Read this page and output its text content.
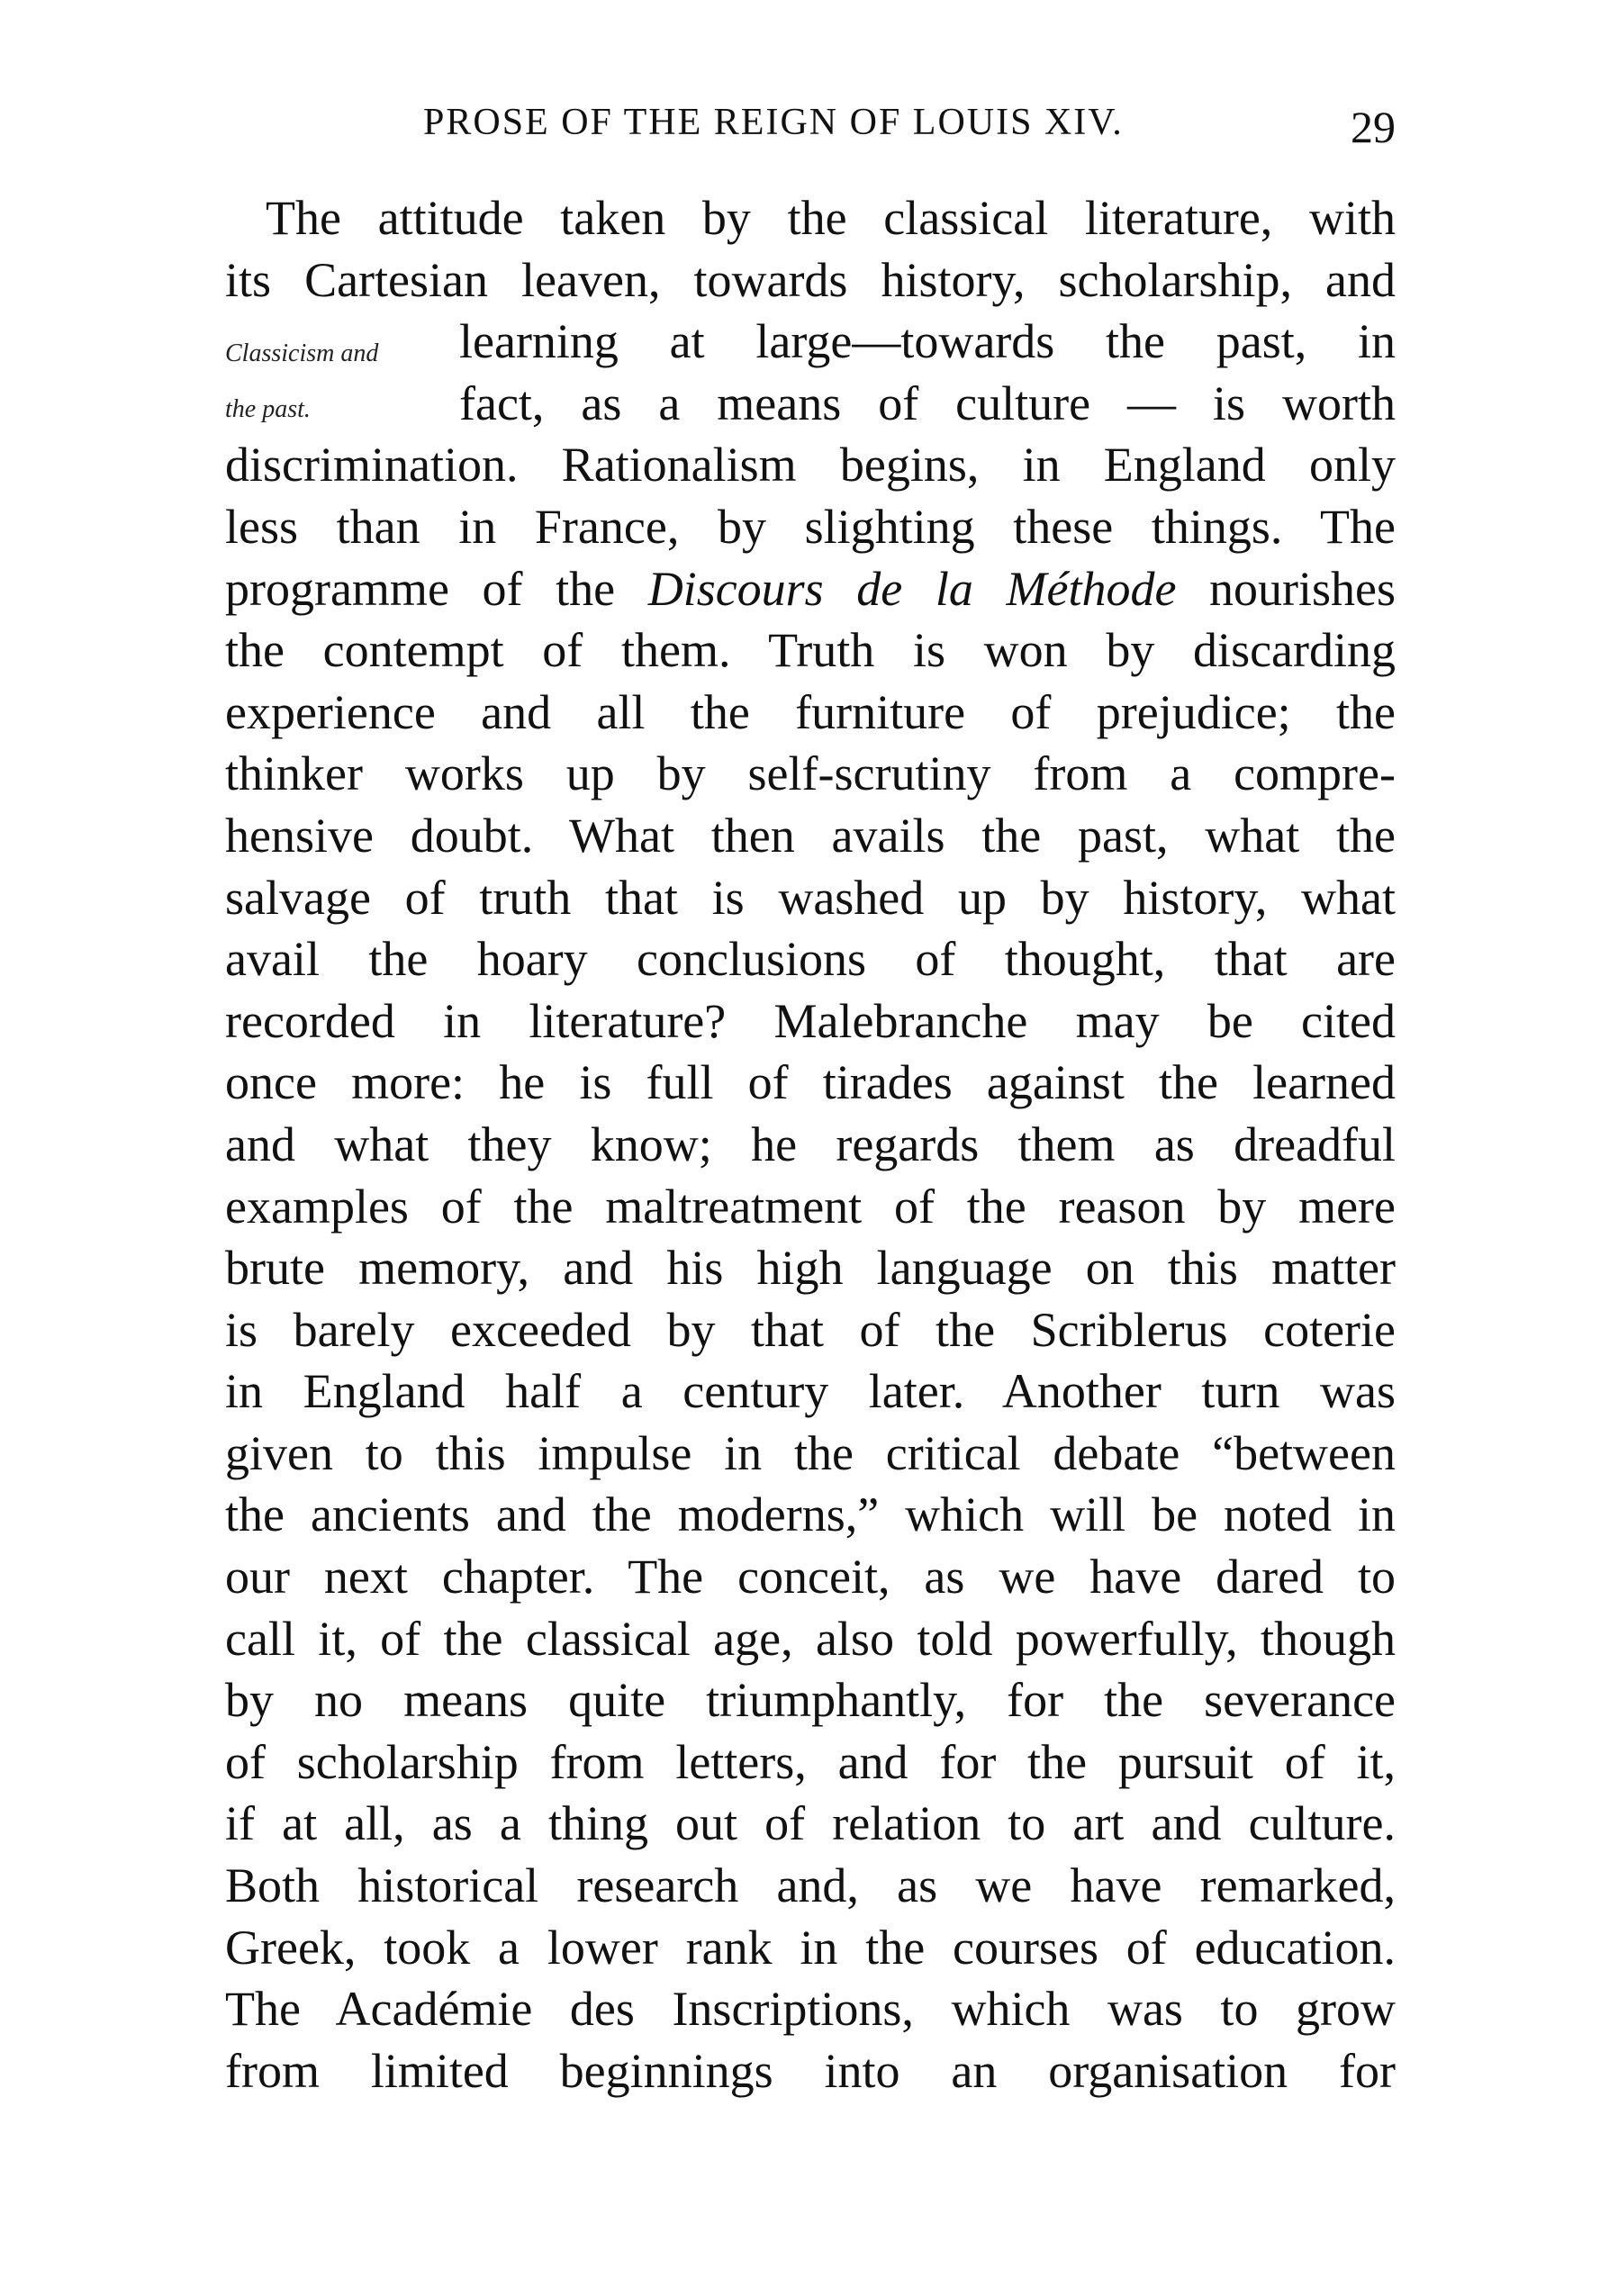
PROSE OF THE REIGN OF LOUIS XIV.	29
Classicism and
the past.
The attitude taken by the classical literature, with
its Cartesian leaven, towards history, scholarship, and
learning at large—towards the past, in
fact, as a means of culture — is worth
discrimination. Rationalism begins, in England only
less than in France, by slighting these things. The
programme of the Discours de la Méthode nourishes
the contempt of them. Truth is won by discarding
experience and all the furniture of prejudice; the
thinker works up by self-scrutiny from a compre-
hensive doubt. What then avails the past, what the
salvage of truth that is washed up by history, what
avail the hoary conclusions of thought, that are
recorded in literature? Malebranche may be cited
once more: he is full of tirades against the learned
and what they know; he regards them as dreadful
examples of the maltreatment of the reason by mere
brute memory, and his high language on this matter
is barely exceeded by that of the Scriblerus coterie
in England half a century later. Another turn was
given to this impulse in the critical debate “between
the ancients and the moderns,” which will be noted in
our next chapter. The conceit, as we have dared to
call it, of the classical age, also told powerfully, though
by no means quite triumphantly, for the severance
of scholarship from letters, and for the pursuit of it,
if at all, as a thing out of relation to art and culture.
Both historical research and, as we have remarked,
Greek, took a lower rank in the courses of education.
The Académie des Inscriptions, which was to grow
from limited beginnings into an organisation for
